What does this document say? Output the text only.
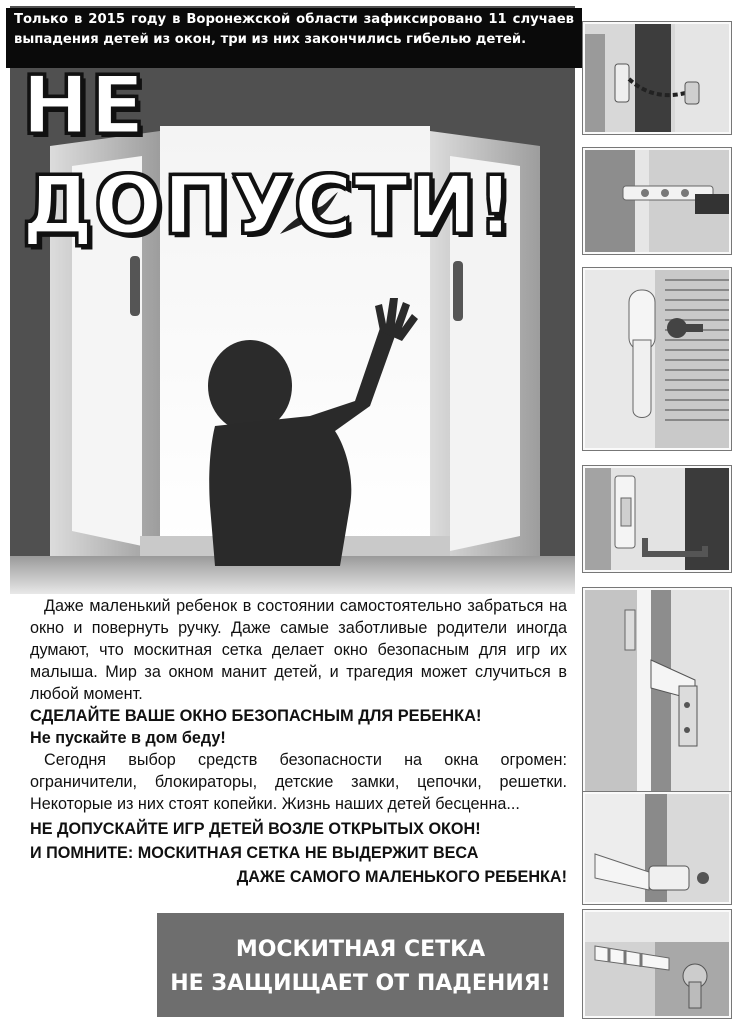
Только в 2015 году в Воронежской области зафиксировано 11 случаев выпадения детей из окон, три из них закончились гибелью детей.
НЕ ДОПУСТИ!

Даже маленький ребенок в состоянии самостоятельно забраться на окно и повернуть ручку. Даже самые заботливые родители иногда думают, что москитная сетка делает окно безопасным для игр их малыша. Мир за окном манит детей, и трагедия может случиться в любой момент.

СДЕЛАЙТЕ ВАШЕ ОКНО БЕЗОПАСНЫМ ДЛЯ РЕБЕНКА!
Не пускайте в дом беду!

Сегодня выбор средств безопасности на окна огромен: ограничители, блокираторы, детские замки, цепочки, решетки. Некоторые из них стоят копейки. Жизнь наших детей бесценна...

НЕ ДОПУСКАЙТЕ ИГР ДЕТЕЙ ВОЗЛЕ ОТКРЫТЫХ ОКОН!
И ПОМНИТЕ: МОСКИТНАЯ СЕТКА НЕ ВЫДЕРЖИТ ВЕСА
ДАЖЕ САМОГО МАЛЕНЬКОГО РЕБЕНКА!
МОСКИТНАЯ СЕТКА
НЕ ЗАЩИЩАЕТ ОТ ПАДЕНИЯ!
